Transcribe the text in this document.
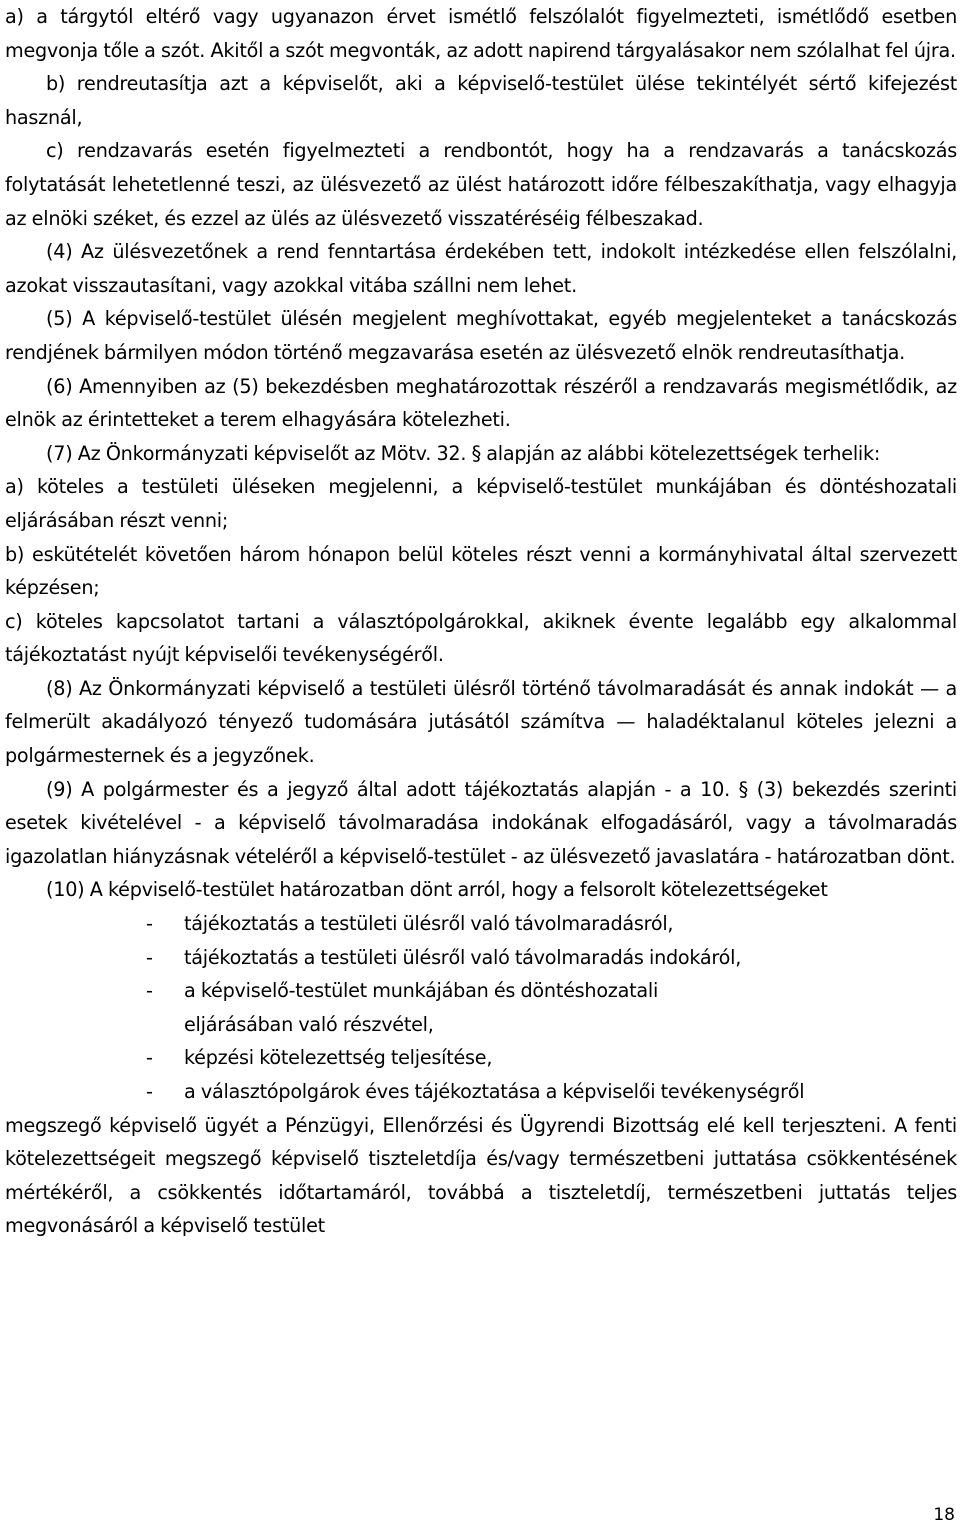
a) a tárgytól eltérő vagy ugyanazon érvet ismétlő felszólalót figyelmezteti, ismétlődő esetben megvonja tőle a szót. Akitől a szót megvonták, az adott napirend tárgyalásakor nem szólalhat fel újra.

b) rendreutasítja azt a képviselőt, aki a képviselő-testület ülése tekintélyét sértő kifejezést használ,

c) rendzavarás esetén figyelmezteti a rendbontót, hogy ha a rendzavarás a tanácskozás folytatását lehetetlenné teszi, az ülésvezető az ülést határozott időre félbeszakíthatja, vagy elhagyja az elnöki széket, és ezzel az ülés az ülésvezető visszatéréséig félbeszakad.

(4) Az ülésvezetőnek a rend fenntartása érdekében tett, indokolt intézkedése ellen felszólalni, azokat visszautasítani, vagy azokkal vitába szállni nem lehet.

(5) A képviselő-testület ülésén megjelent meghívottakat, egyéb megjelenteket a tanácskozás rendjének bármilyen módon történő megzavarása esetén az ülésvezető elnök rendreutasíthatja.

(6) Amennyiben az (5) bekezdésben meghatározottak részéről a rendzavarás megismétlődik, az elnök az érintetteket a terem elhagyására kötelezheti.

(7) Az Önkormányzati képviselőt az Mötv. 32. § alapján az alábbi kötelezettségek terhelik:

a) köteles a testületi üléseken megjelenni, a képviselő-testület munkájában és döntéshozatali eljárásában részt venni;

b) eskütételét követően három hónapon belül köteles részt venni a kormányhivatal által szervezett képzésen;

c) köteles kapcsolatot tartani a választópolgárokkal, akiknek évente legalább egy alkalommal tájékoztatást nyújt képviselői tevékenységéről.

(8) Az Önkormányzati képviselő a testületi ülésről történő távolmaradását és annak indokát — a felmerült akadályozó tényező tudomására jutásától számítva — haladéktalanul köteles jelezni a polgármesternek és a jegyzőnek.

(9) A polgármester és a jegyző által adott tájékoztatás alapján - a 10. § (3) bekezdés szerinti esetek kivételével - a képviselő távolmaradása indokának elfogadásáról, vagy a távolmaradás igazolatlan hiányzásnak vételéről a képviselő-testület - az ülésvezető javaslatára - határozatban dönt.

(10) A képviselő-testület határozatban dönt arról, hogy a felsorolt kötelezettségeket

- tájékoztatás a testületi ülésről való távolmaradásról,
- tájékoztatás a testületi ülésről való távolmaradás indokáról,
- a képviselő-testület munkájában és döntéshozatali eljárásában való részvétel,
- képzési kötelezettség teljesítése,
- a választópolgárok éves tájékoztatása a képviselői tevékenységről

megszegő képviselő ügyét a Pénzügyi, Ellenőrzési és Ügyrendi Bizottság elé kell terjeszteni. A fenti kötelezettségeit megszegő képviselő tiszteletdíja és/vagy természetbeni juttatása csökkentésének mértékéről, a csökkentés időtartamáról, továbbá a tiszteletdíj, természetbeni juttatás teljes megvonásáról a képviselő testület

18
